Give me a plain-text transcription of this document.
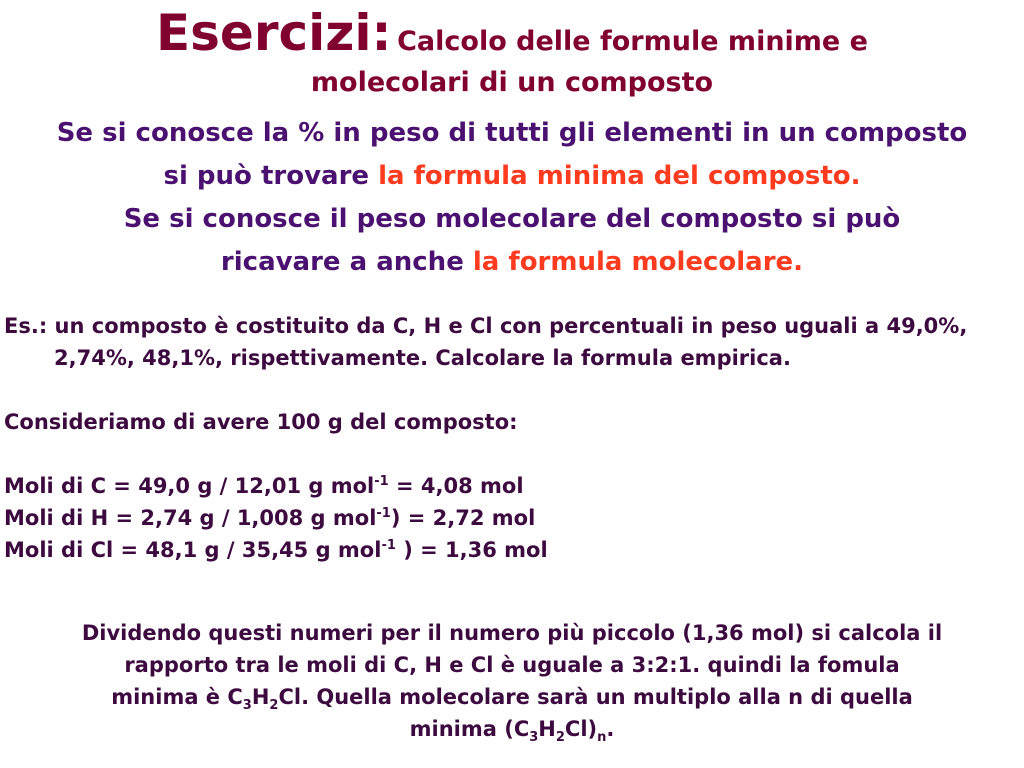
Esercizi: Calcolo delle formule minime e
molecolari di un composto
Se si conosce la % in peso di tutti gli elementi in un composto
si può trovare la formula minima del composto.
Se si conosce il peso molecolare del composto si può
ricavare a anche la formula molecolare.
Es.: un composto è costituito da C, H e Cl con percentuali in peso uguali a 49,0%, 2,74%, 48,1%, rispettivamente. Calcolare la formula empirica.
Consideriamo di avere 100 g del composto:
Moli di C = 49,0 g / 12,01 g mol$^{-1}$ = 4,08 mol
Moli di H = 2,74 g / 1,008 g mol$^{-1}$) = 2,72 mol
Moli di Cl = 48,1 g / 35,45 g mol$^{-1}$ ) = 1,36 mol
Dividendo questi numeri per il numero più piccolo (1,36 mol) si calcola il
rapporto tra le moli di C, H e Cl è uguale a 3:2:1. quindi la fomula
minima è $C_3H_2Cl$. Quella molecolare sarà un multiplo alla n di quella
minima $(C_3H_2Cl)_n$.
